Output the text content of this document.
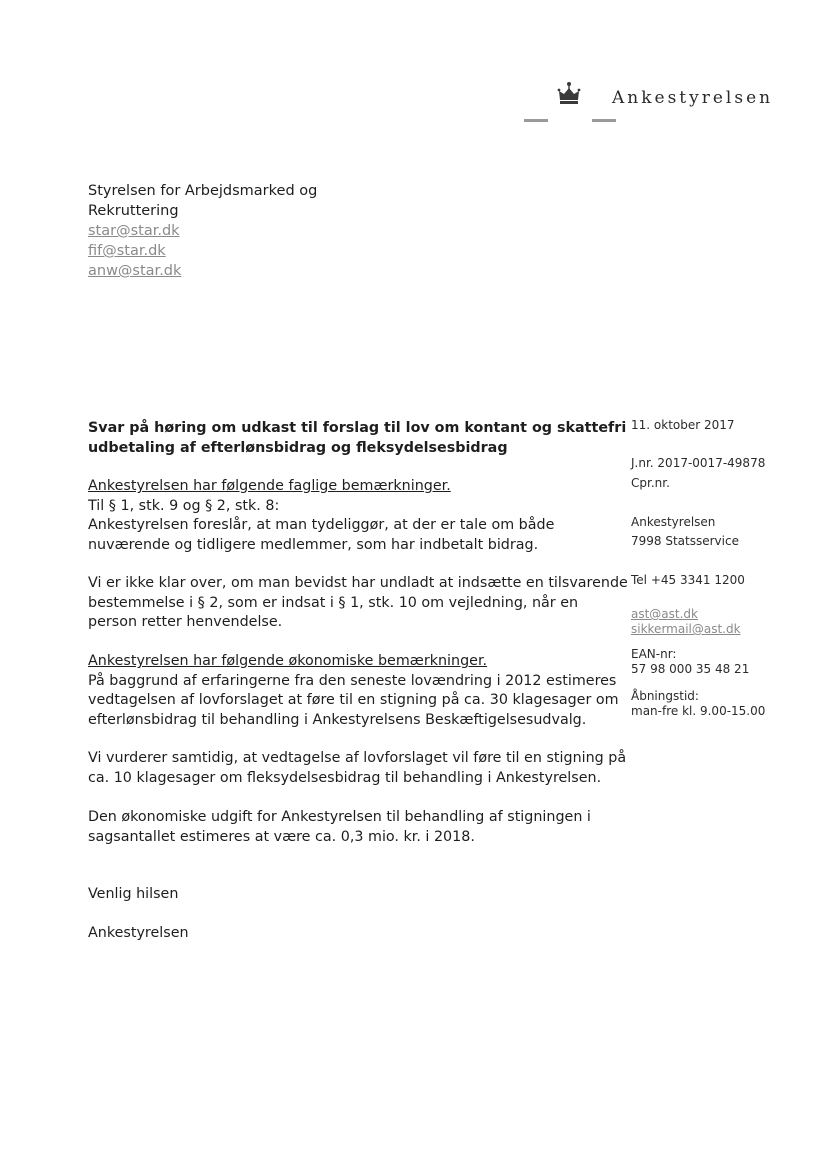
Ankestyrelsen
Styrelsen for Arbejdsmarked og
Rekruttering
star@star.dk
fif@star.dk
anw@star.dk
Svar på høring om udkast til forslag til lov om kontant og skattefri
udbetaling af efterlønsbidrag og fleksydelsesbidrag
Ankestyrelsen har følgende faglige bemærkninger.
Til § 1, stk. 9 og § 2, stk. 8:
Ankestyrelsen foreslår, at man tydeliggør, at der er tale om både
nuværende og tidligere medlemmer, som har indbetalt bidrag.
Vi er ikke klar over, om man bevidst har undladt at indsætte en tilsvarende
bestemmelse i § 2, som er indsat i § 1, stk. 10 om vejledning, når en
person retter henvendelse.
Ankestyrelsen har følgende økonomiske bemærkninger.
På baggrund af erfaringerne fra den seneste lovændring i 2012 estimeres
vedtagelsen af lovforslaget at føre til en stigning på ca. 30 klagesager om
efterlønsbidrag til behandling i Ankestyrelsens Beskæftigelsesudvalg.
Vi vurderer samtidig, at vedtagelse af lovforslaget vil føre til en stigning på
ca. 10 klagesager om fleksydelsesbidrag til behandling i Ankestyrelsen.
Den økonomiske udgift for Ankestyrelsen til behandling af stigningen i
sagsantallet estimeres at være ca. 0,3 mio. kr. i 2018.
Venlig hilsen
Ankestyrelsen
11. oktober 2017
J.nr. 2017-0017-49878
Cpr.nr.
Ankestyrelsen
7998 Statsservice
Tel +45 3341 1200
ast@ast.dk
sikkermail@ast.dk
EAN-nr:
57 98 000 35 48 21
Åbningstid:
man-fre kl. 9.00-15.00
